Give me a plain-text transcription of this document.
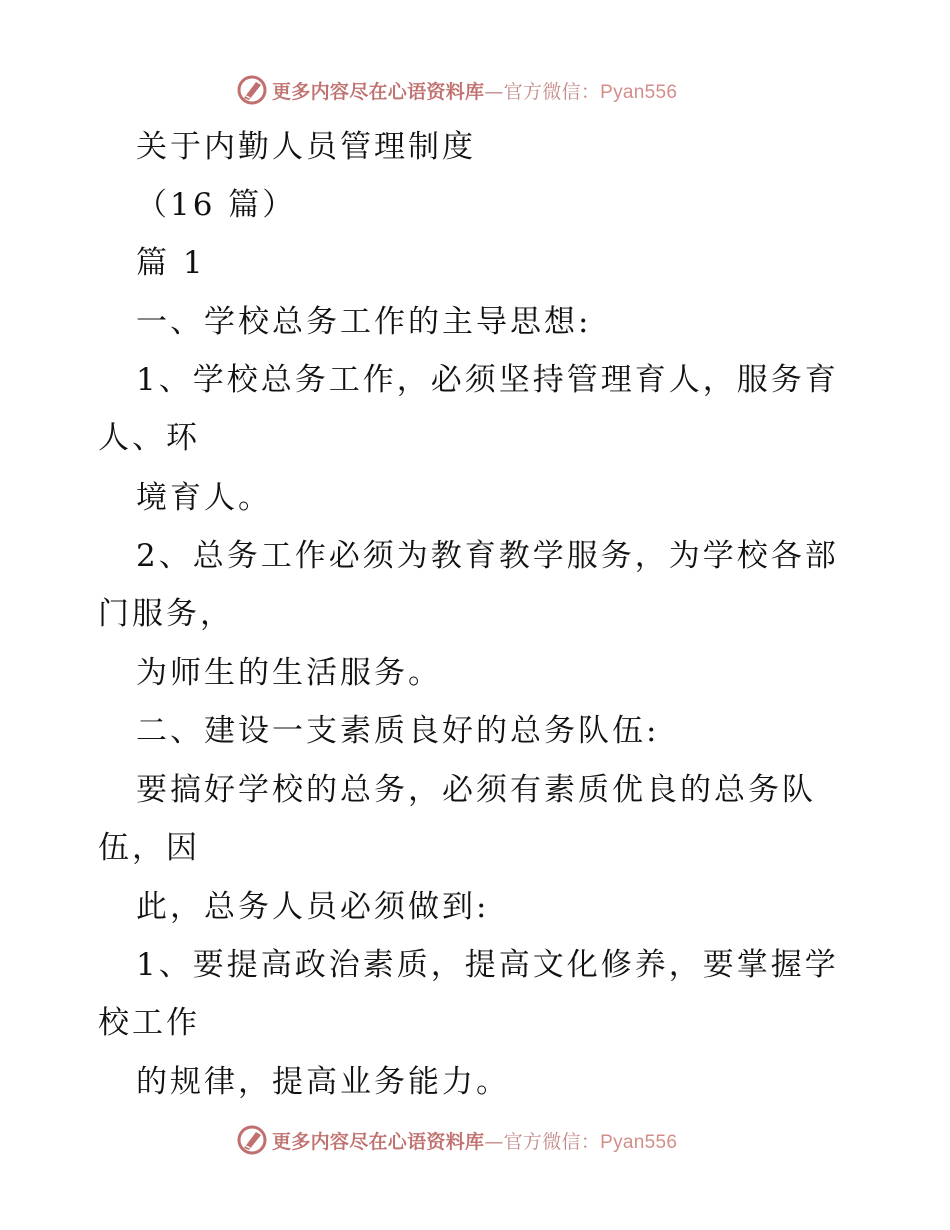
更多内容尽在心语资料库—官方微信：Pyan556
关于内勤人员管理制度
（16 篇）
篇 1
一、学校总务工作的主导思想:
1、学校总务工作，必须坚持管理育人，服务育
人、环
境育人。
2、总务工作必须为教育教学服务，为学校各部
门服务，
为师生的生活服务。
二、建设一支素质良好的总务队伍:
要搞好学校的总务，必须有素质优良的总务队
伍，因
此，总务人员必须做到:
1、要提高政治素质，提高文化修养，要掌握学
校工作
的规律，提高业务能力。
更多内容尽在心语资料库—官方微信：Pyan556
